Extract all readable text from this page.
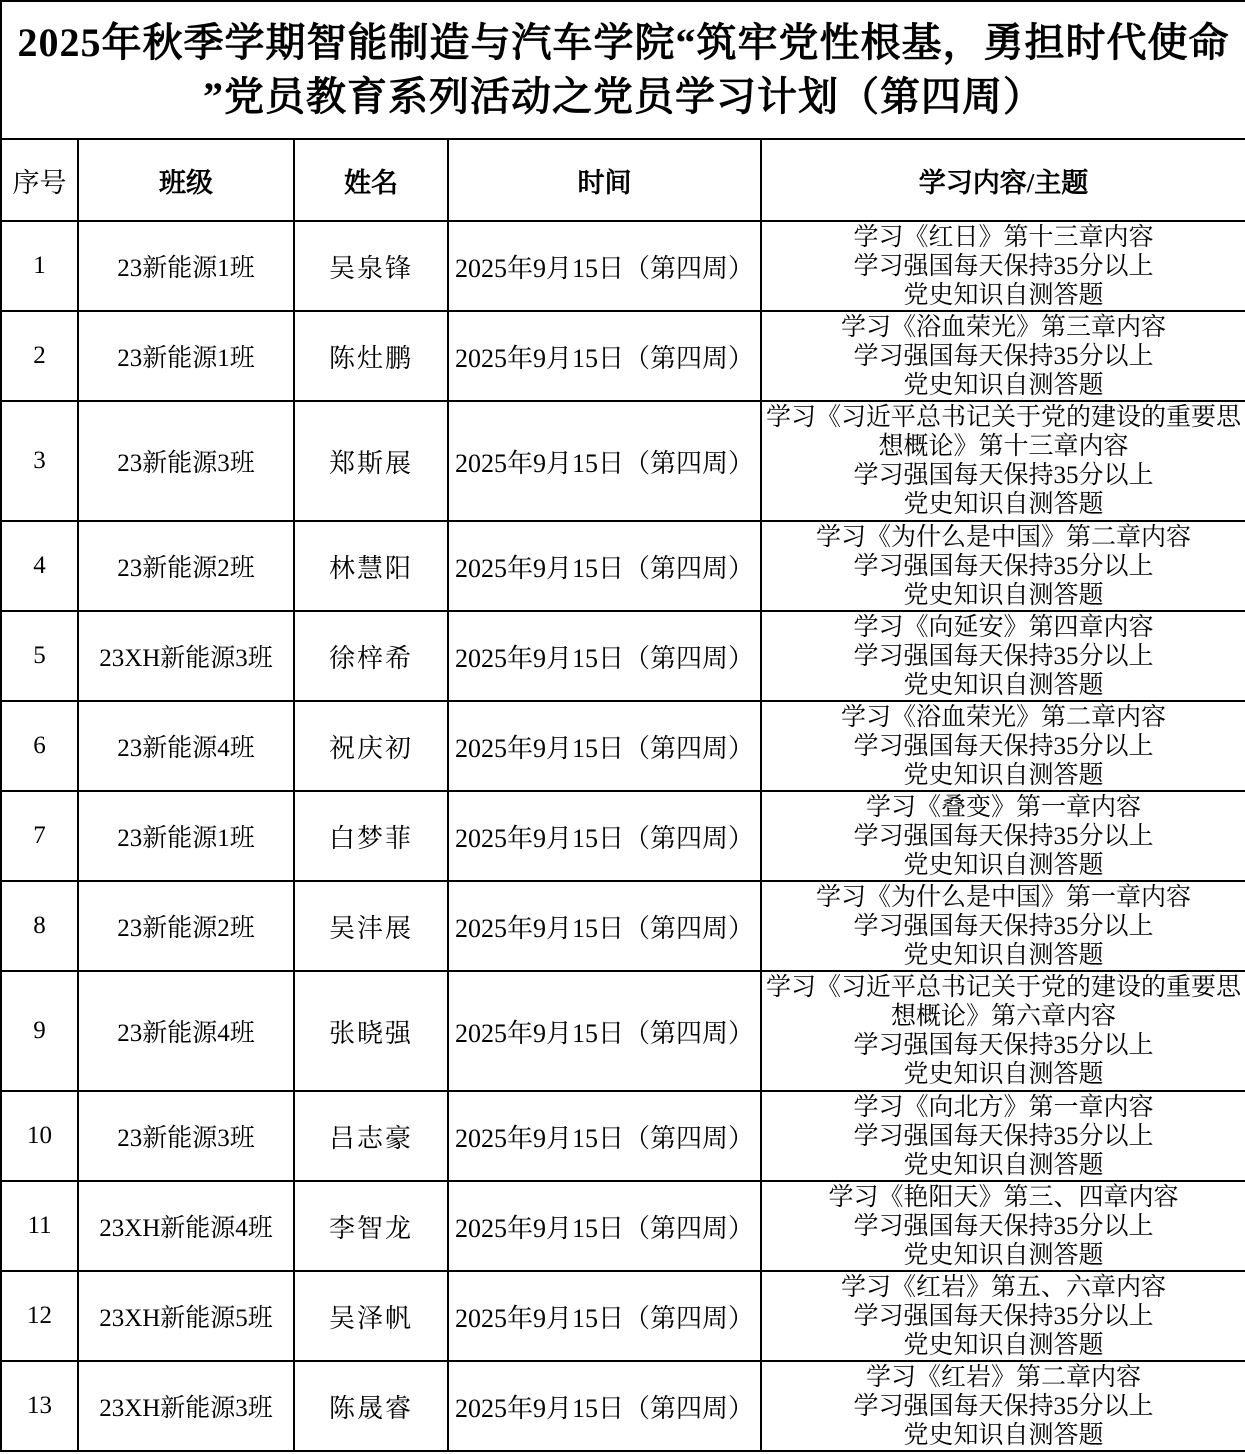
2025年秋季学期智能制造与汽车学院“筑牢党性根基，勇担时代使命
”党员教育系列活动之党员学习计划（第四周）				

序号	班级	姓名	时间	学习内容/主题
1	23新能源1班	吴泉锋	2025年9月15日（第四周）	学习《红日》第十三章内容
学习强国每天保持35分以上
党史知识自测答题

2	23新能源1班	陈灶鹏	2025年9月15日（第四周）	学习《浴血荣光》第三章内容
学习强国每天保持35分以上
党史知识自测答题

3	23新能源3班	郑斯展	2025年9月15日（第四周）	学习《习近平总书记关于党的建设的重要思想概论》第十三章内容
学习强国每天保持35分以上
党史知识自测答题

4	23新能源2班	林慧阳	2025年9月15日（第四周）	学习《为什么是中国》第二章内容
学习强国每天保持35分以上
党史知识自测答题

5	23XH新能源3班	徐梓希	2025年9月15日（第四周）	学习《向延安》第四章内容
学习强国每天保持35分以上
党史知识自测答题

6	23新能源4班	祝庆初	2025年9月15日（第四周）	学习《浴血荣光》第二章内容
学习强国每天保持35分以上
党史知识自测答题

7	23新能源1班	白梦菲	2025年9月15日（第四周）	学习《叠变》第一章内容
学习强国每天保持35分以上
党史知识自测答题

8	23新能源2班	吴沣展	2025年9月15日（第四周）	学习《为什么是中国》第一章内容
学习强国每天保持35分以上
党史知识自测答题

9	23新能源4班	张晓强	2025年9月15日（第四周）	学习《习近平总书记关于党的建设的重要思想概论》第六章内容
学习强国每天保持35分以上
党史知识自测答题

10	23新能源3班	吕志豪	2025年9月15日（第四周）	学习《向北方》第一章内容
学习强国每天保持35分以上
党史知识自测答题

11	23XH新能源4班	李智龙	2025年9月15日（第四周）	学习《艳阳天》第三、四章内容
学习强国每天保持35分以上
党史知识自测答题

12	23XH新能源5班	吴泽帆	2025年9月15日（第四周）	学习《红岩》第五、六章内容
学习强国每天保持35分以上
党史知识自测答题

13	23XH新能源3班	陈晟睿	2025年9月15日（第四周）	学习《红岩》第二章内容
学习强国每天保持35分以上
党史知识自测答题
